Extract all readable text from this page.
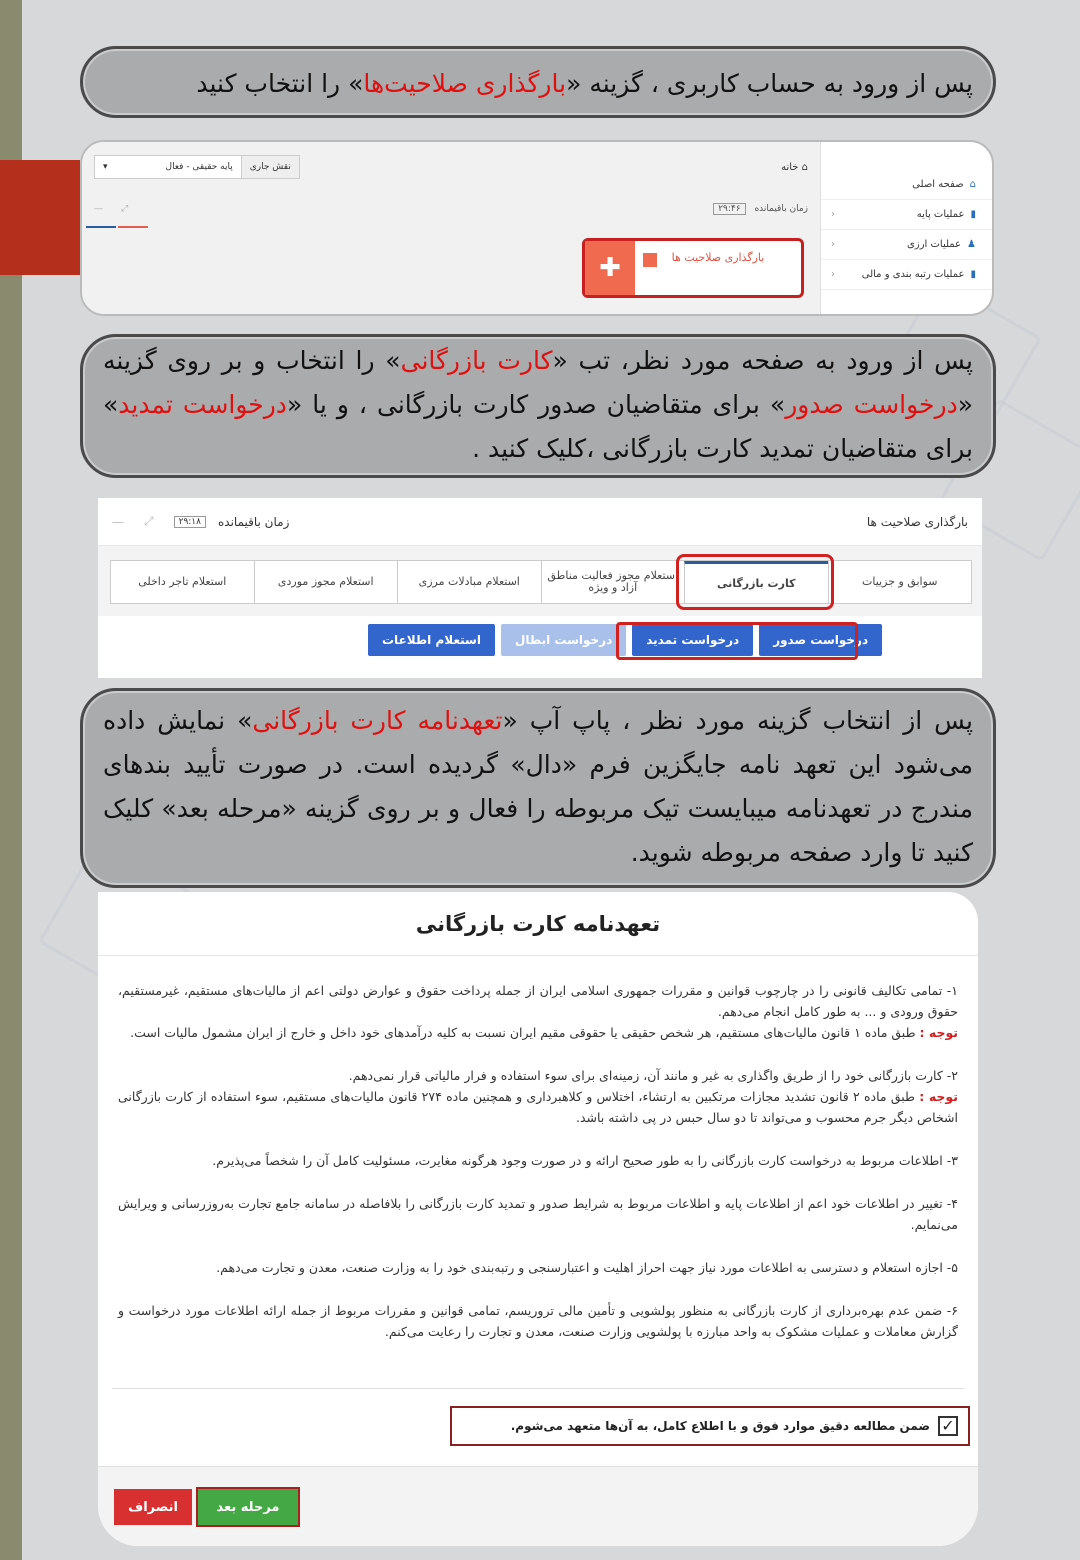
پس از ورود به حساب کاربری ، گزینه «بارگذاری صلاحیت‌ها» را انتخاب کنید
⌂
صفحه اصلی
▮
عملیات پایه
‹
♟
عملیات ارزی
‹
▮
عملیات رتبه بندی و مالی
‹
⌂ خانه
نقش جاری
پایه حقیقی - فعال
▾
زمان باقیمانده ۲۹:۴۶
⤢
—
بارگذاری صلاحیت ها
✚
پس از ورود به صفحه مورد نظر، تب «کارت بازرگانی» را انتخاب و بر روی گزینه «درخواست صدور» برای متقاضیان صدور کارت بازرگانی ، و یا «درخواست تمدید» برای متقاضیان تمدید کارت بازرگانی ،کلیک کنید .
بارگذاری صلاحیت ها
زمان باقیمانده
۲۹:۱۸
⤢
—
سوابق و جزییات
کارت بازرگانی
استعلام مجوز فعالیت مناطق آزاد و ویژه
استعلام مبادلات مرزی
استعلام مجوز موردی
استعلام تاجر داخلی
درخواست صدور
درخواست تمدید
درخواست ابطال
استعلام اطلاعات
پس از انتخاب گزینه مورد نظر ، پاپ آپ «تعهدنامه کارت بازرگانی» نمایش داده می‌شود این تعهد نامه جایگزین فرم «دال» گردیده است. در صورت تأیید بندهای مندرج در تعهدنامه میبایست تیک مربوطه را فعال و بر روی گزینه «مرحله بعد» کلیک کنید تا وارد صفحه مربوطه شوید.
تعهدنامه کارت بازرگانی
۱- تمامی تکالیف قانونی را در چارچوب قوانین و مقررات جمهوری اسلامی ایران از جمله پرداخت حقوق و عوارض دولتی اعم از مالیات‌های مستقیم، غیرمستقیم، حقوق ورودی و ... به طور کامل انجام می‌دهم.
توجه : طبق ماده ۱ قانون مالیات‌های مستقیم، هر شخص حقیقی یا حقوقی مقیم ایران نسبت به کلیه درآمدهای خود داخل و خارج از ایران مشمول مالیات است.
۲- کارت بازرگانی خود را از طریق واگذاری به غیر و مانند آن، زمینه‌ای برای سوء استفاده و فرار مالیاتی قرار نمی‌دهم.
توجه : طبق ماده ۲ قانون تشدید مجازات مرتکبین به ارتشاء، اختلاس و کلاهبرداری و همچنین ماده ۲۷۴ قانون مالیات‌های مستقیم، سوء استفاده از کارت بازرگانی اشخاص دیگر جرم محسوب و می‌تواند تا دو سال حبس در پی داشته باشد.
۳- اطلاعات مربوط به درخواست کارت بازرگانی را به طور صحیح ارائه و در صورت وجود هرگونه مغایرت، مسئولیت کامل آن را شخصاً می‌پذیرم.
۴- تغییر در اطلاعات خود اعم از اطلاعات پایه و اطلاعات مربوط به شرایط صدور و تمدید کارت بازرگانی را بلافاصله در سامانه جامع تجارت به‌روزرسانی و ویرایش می‌نمایم.
۵- اجازه استعلام و دسترسی به اطلاعات مورد نیاز جهت احراز اهلیت و اعتبارسنجی و رتبه‌بندی خود را به وزارت صنعت، معدن و تجارت می‌دهم.
۶- ضمن عدم بهره‌برداری از کارت بازرگانی به منظور پولشویی و تأمین مالی تروریسم، تمامی قوانین و مقررات مربوط از جمله ارائه اطلاعات مورد درخواست و گزارش معاملات و عملیات مشکوک به واحد مبارزه با پولشویی وزارت صنعت، معدن و تجارت را رعایت می‌کنم.
✓
ضمن مطالعه دقیق موارد فوق و با اطلاع کامل، به آن‌ها متعهد می‌شوم.
مرحله بعد
انصراف
